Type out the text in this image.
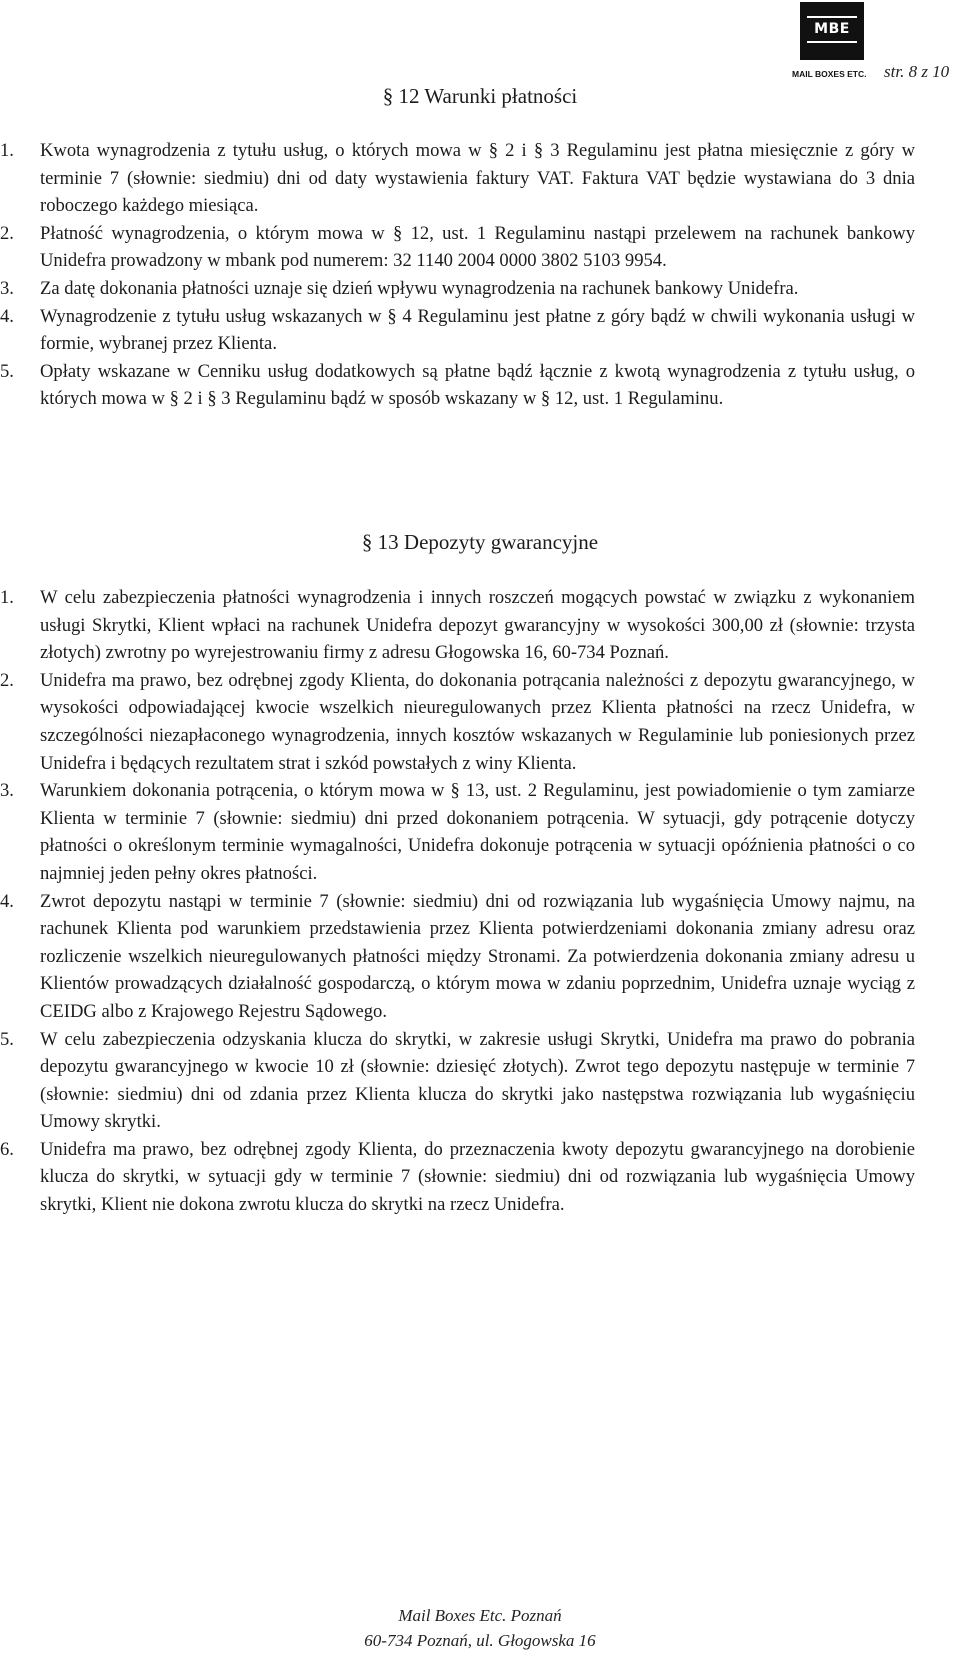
MBE
MAIL BOXES ETC.	str. 8 z 10
§ 12 Warunki płatności
1. Kwota wynagrodzenia z tytułu usług, o których mowa w § 2 i § 3 Regulaminu jest płatna miesięcznie z góry w terminie 7 (słownie: siedmiu) dni od daty wystawienia faktury VAT. Faktura VAT będzie wystawiana do 3 dnia roboczego każdego miesiąca.
2. Płatność wynagrodzenia, o którym mowa w § 12, ust. 1 Regulaminu nastąpi przelewem na rachunek bankowy Unidefra prowadzony w mbank pod numerem: 32 1140 2004 0000 3802 5103 9954.
3. Za datę dokonania płatności uznaje się dzień wpływu wynagrodzenia na rachunek bankowy Unidefra.
4. Wynagrodzenie z tytułu usług wskazanych w § 4 Regulaminu jest płatne z góry bądź w chwili wykonania usługi w formie, wybranej przez Klienta.
5. Opłaty wskazane w Cenniku usług dodatkowych są płatne bądź łącznie z kwotą wynagrodzenia z tytułu usług, o których mowa w § 2 i § 3 Regulaminu bądź w sposób wskazany w § 12, ust. 1 Regulaminu.
§ 13 Depozyty gwarancyjne
1. W celu zabezpieczenia płatności wynagrodzenia i innych roszczeń mogących powstać w związku z wykonaniem usługi Skrytki, Klient wpłaci na rachunek Unidefra depozyt gwarancyjny w wysokości 300,00 zł (słownie: trzysta złotych) zwrotny po wyrejestrowaniu firmy z adresu Głogowska 16, 60-734 Poznań.
2. Unidefra ma prawo, bez odrębnej zgody Klienta, do dokonania potrącania należności z depozytu gwarancyjnego, w wysokości odpowiadającej kwocie wszelkich nieuregulowanych przez Klienta płatności na rzecz Unidefra, w szczególności niezapłaconego wynagrodzenia, innych kosztów wskazanych w Regulaminie lub poniesionych przez Unidefra i będących rezultatem strat i szkód powstałych z winy Klienta.
3. Warunkiem dokonania potrącenia, o którym mowa w § 13, ust. 2 Regulaminu, jest powiadomienie o tym zamiarze Klienta w terminie 7 (słownie: siedmiu) dni przed dokonaniem potrącenia. W sytuacji, gdy potrącenie dotyczy płatności o określonym terminie wymagalności, Unidefra dokonuje potrącenia w sytuacji opóźnienia płatności o co najmniej jeden pełny okres płatności.
4. Zwrot depozytu nastąpi w terminie 7 (słownie: siedmiu) dni od rozwiązania lub wygaśnięcia Umowy najmu, na rachunek Klienta pod warunkiem przedstawienia przez Klienta potwierdzeniami dokonania zmiany adresu oraz rozliczenie wszelkich nieuregulowanych płatności między Stronami. Za potwierdzenia dokonania zmiany adresu u Klientów prowadzących działalność gospodarczą, o którym mowa w zdaniu poprzednim, Unidefra uznaje wyciąg z CEIDG albo z Krajowego Rejestru Sądowego.
5. W celu zabezpieczenia odzyskania klucza do skrytki, w zakresie usługi Skrytki, Unidefra ma prawo do pobrania depozytu gwarancyjnego w kwocie 10 zł (słownie: dziesięć złotych). Zwrot tego depozytu następuje w terminie 7 (słownie: siedmiu) dni od zdania przez Klienta klucza do skrytki jako następstwa rozwiązania lub wygaśnięciu Umowy skrytki.
6. Unidefra ma prawo, bez odrębnej zgody Klienta, do przeznaczenia kwoty depozytu gwarancyjnego na dorobienie klucza do skrytki, w sytuacji gdy w terminie 7 (słownie: siedmiu) dni od rozwiązania lub wygaśnięcia Umowy skrytki, Klient nie dokona zwrotu klucza do skrytki na rzecz Unidefra.
Mail Boxes Etc. Poznań
60-734 Poznań, ul. Głogowska 16
